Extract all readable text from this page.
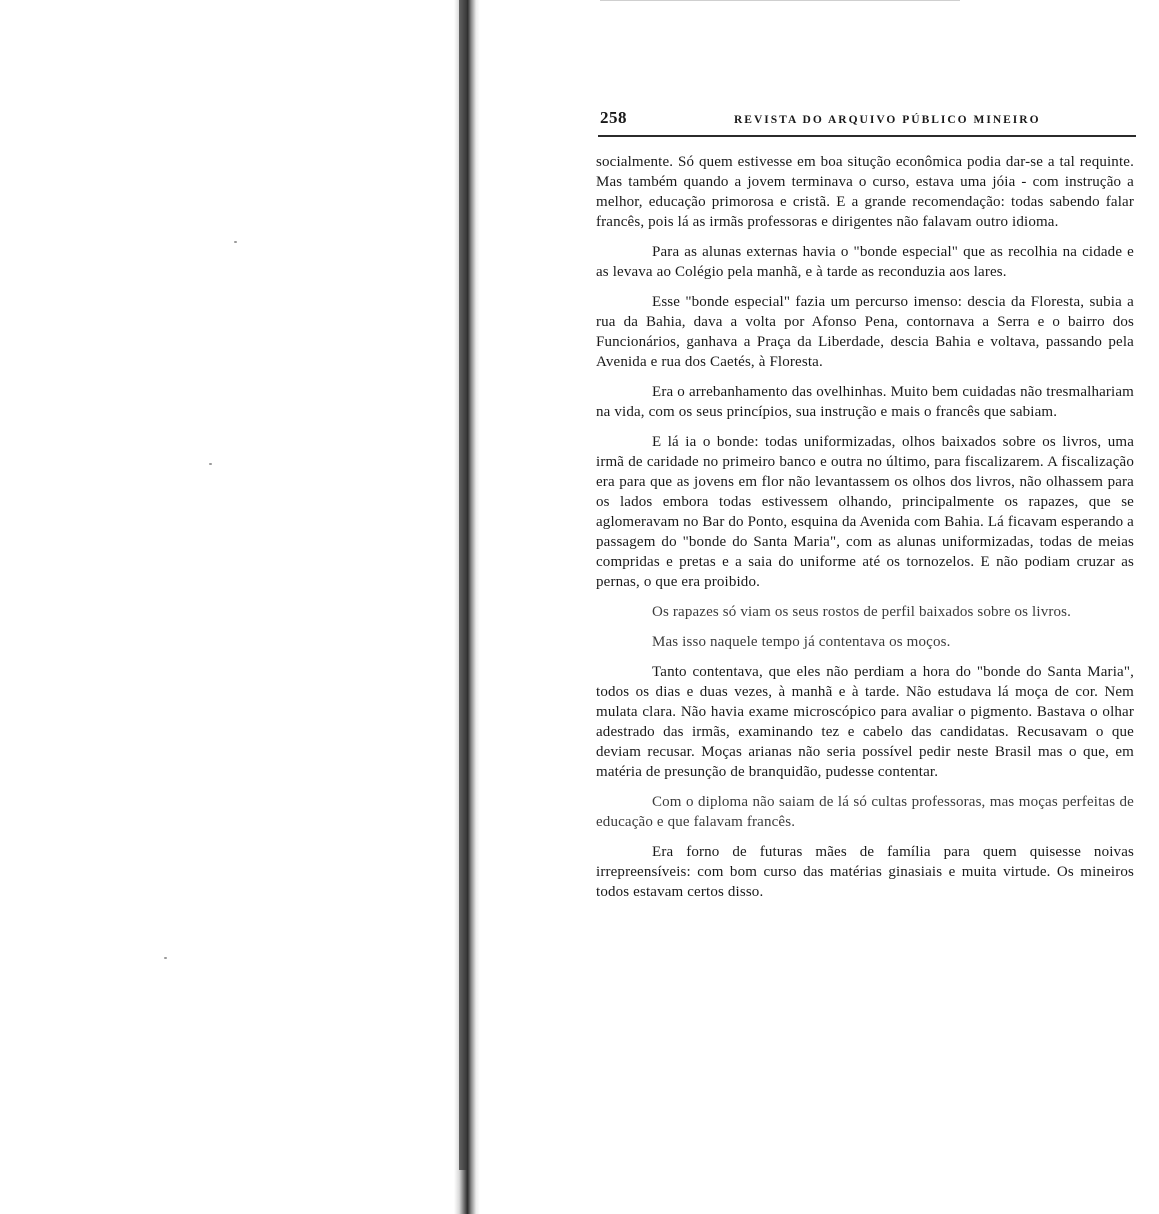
258	REVISTA DO ARQUIVO PÚBLICO MINEIRO

socialmente. Só quem estivesse em boa situção econômica podia dar-se a tal requinte. Mas também quando a jovem terminava o curso, estava uma jóia - com instrução a melhor, educação primorosa e cristã. E a grande recomendação: todas sabendo falar francês, pois lá as irmãs professoras e dirigentes não falavam outro idioma.

Para as alunas externas havia o "bonde especial" que as recolhia na cidade e as levava ao Colégio pela manhã, e à tarde as reconduzia aos lares.

Esse "bonde especial" fazia um percurso imenso: descia da Floresta, subia a rua da Bahia, dava a volta por Afonso Pena, contornava a Serra e o bairro dos Funcionários, ganhava a Praça da Liberdade, descia Bahia e voltava, passando pela Avenida e rua dos Caetés, à Floresta.

Era o arrebanhamento das ovelhinhas. Muito bem cuidadas não tresmalhariam na vida, com os seus princípios, sua instrução e mais o francês que sabiam.

E lá ia o bonde: todas uniformizadas, olhos baixados sobre os livros, uma irmã de caridade no primeiro banco e outra no último, para fiscalizarem. A fiscalização era para que as jovens em flor não levantassem os olhos dos livros, não olhassem para os lados embora todas estivessem olhando, principalmente os rapazes, que se aglomeravam no Bar do Ponto, esquina da Avenida com Bahia. Lá ficavam esperando a passagem do "bonde do Santa Maria", com as alunas uniformizadas, todas de meias compridas e pretas e a saia do uniforme até os tornozelos. E não podiam cruzar as pernas, o que era proibido.

Os rapazes só viam os seus rostos de perfil baixados sobre os livros.

Mas isso naquele tempo já contentava os moços.

Tanto contentava, que eles não perdiam a hora do "bonde do Santa Maria", todos os dias e duas vezes, à manhã e à tarde. Não estudava lá moça de cor. Nem mulata clara. Não havia exame microscópico para avaliar o pigmento. Bastava o olhar adestrado das irmãs, examinando tez e cabelo das candidatas. Recusavam o que deviam recusar. Moças arianas não seria possível pedir neste Brasil mas o que, em matéria de presunção de branquidão, pudesse contentar.

Com o diploma não saiam de lá só cultas professoras, mas moças perfeitas de educação e que falavam francês.

Era forno de futuras mães de família para quem quisesse noivas irrepreensíveis: com bom curso das matérias ginasiais e muita virtude. Os mineiros todos estavam certos disso.
